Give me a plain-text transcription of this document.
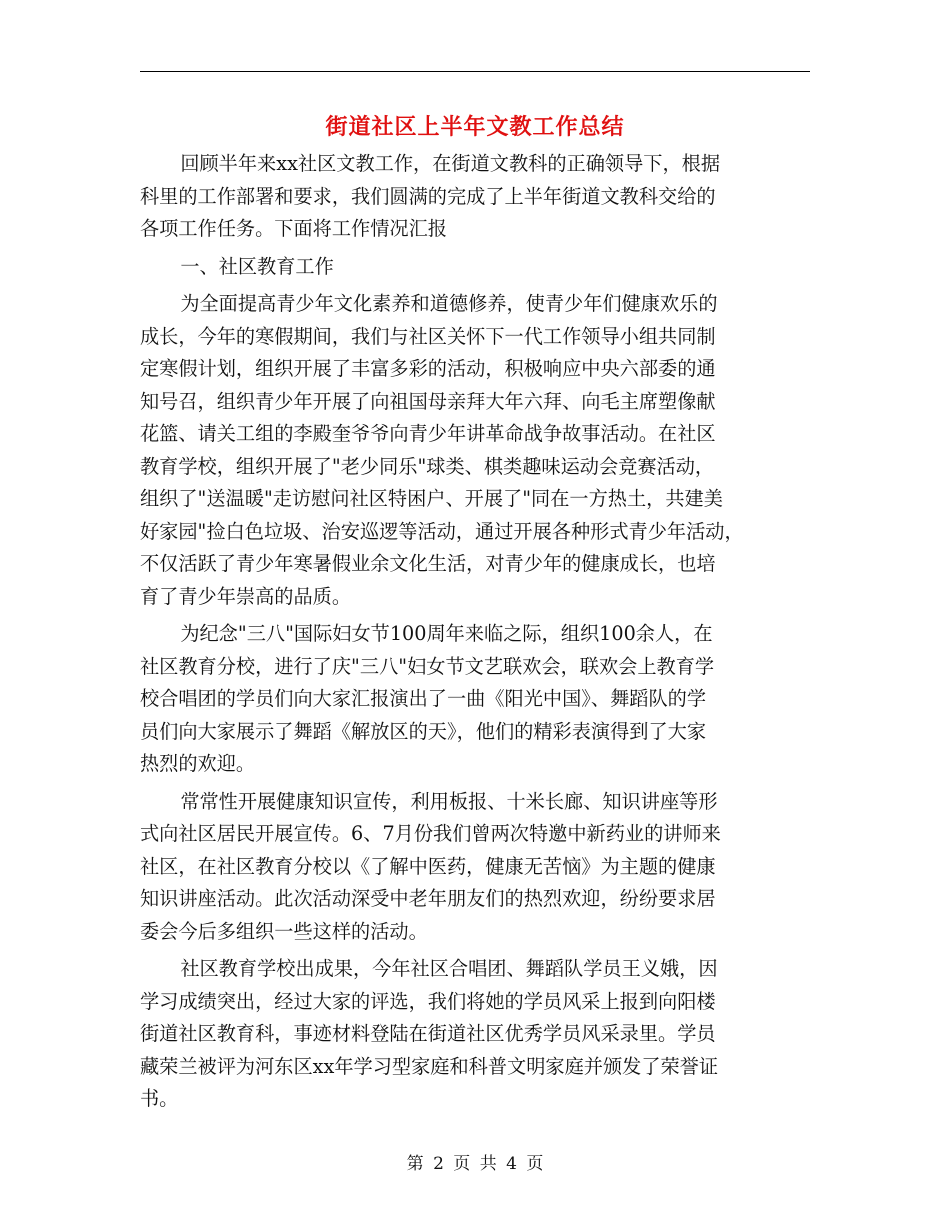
街道社区上半年文教工作总结
回顾半年来xx社区文教工作，在街道文教科的正确领导下，根据
科里的工作部署和要求，我们圆满的完成了上半年街道文教科交给的
各项工作任务。下面将工作情况汇报
一、社区教育工作
为全面提高青少年文化素养和道德修养，使青少年们健康欢乐的
成长，今年的寒假期间，我们与社区关怀下一代工作领导小组共同制
定寒假计划，组织开展了丰富多彩的活动，积极响应中央六部委的通
知号召，组织青少年开展了向祖国母亲拜大年六拜、向毛主席塑像献
花篮、请关工组的李殿奎爷爷向青少年讲革命战争故事活动。在社区
教育学校，组织开展了"老少同乐"球类、棋类趣味运动会竞赛活动，
组织了"送温暖"走访慰问社区特困户、开展了"同在一方热土，共建美
好家园"捡白色垃圾、治安巡逻等活动，通过开展各种形式青少年活动，
不仅活跃了青少年寒暑假业余文化生活，对青少年的健康成长，也培
育了青少年崇高的品质。
为纪念"三八"国际妇女节100周年来临之际，组织100余人，在
社区教育分校，进行了庆"三八"妇女节文艺联欢会，联欢会上教育学
校合唱团的学员们向大家汇报演出了一曲《阳光中国》、舞蹈队的学
员们向大家展示了舞蹈《解放区的天》，他们的精彩表演得到了大家
热烈的欢迎。
常常性开展健康知识宣传，利用板报、十米长廊、知识讲座等形
式向社区居民开展宣传。6、7月份我们曾两次特邀中新药业的讲师来
社区，在社区教育分校以《了解中医药，健康无苦恼》为主题的健康
知识讲座活动。此次活动深受中老年朋友们的热烈欢迎，纷纷要求居
委会今后多组织一些这样的活动。
社区教育学校出成果，今年社区合唱团、舞蹈队学员王义娥，因
学习成绩突出，经过大家的评选，我们将她的学员风采上报到向阳楼
街道社区教育科，事迹材料登陆在街道社区优秀学员风采录里。学员
藏荣兰被评为河东区xx年学习型家庭和科普文明家庭并颁发了荣誉证
书。
第 2 页 共 4 页
